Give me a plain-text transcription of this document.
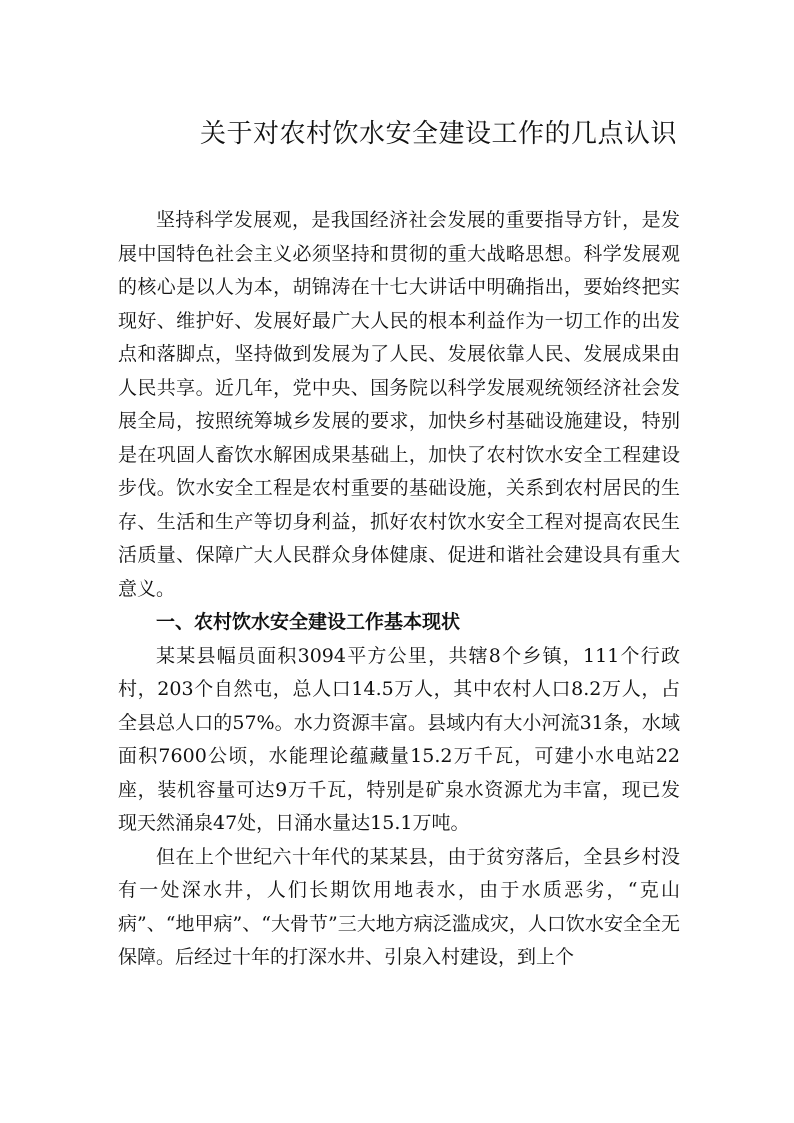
关于对农村饮水安全建设工作的几点认识

坚持科学发展观，是我国经济社会发展的重要指导方针，是发展中国特色社会主义必须坚持和贯彻的重大战略思想。科学发展观的核心是以人为本，胡锦涛在十七大讲话中明确指出，要始终把实现好、维护好、发展好最广大人民的根本利益作为一切工作的出发点和落脚点，坚持做到发展为了人民、发展依靠人民、发展成果由人民共享。近几年，党中央、国务院以科学发展观统领经济社会发展全局，按照统筹城乡发展的要求，加快乡村基础设施建设，特别是在巩固人畜饮水解困成果基础上，加快了农村饮水安全工程建设步伐。饮水安全工程是农村重要的基础设施，关系到农村居民的生存、生活和生产等切身利益，抓好农村饮水安全工程对提高农民生活质量、保障广大人民群众身体健康、促进和谐社会建设具有重大意义。

一、农村饮水安全建设工作基本现状

某某县幅员面积3094平方公里，共辖8个乡镇，111个行政村，203个自然屯，总人口14.5万人，其中农村人口8.2万人，占全县总人口的57%。水力资源丰富。县域内有大小河流31条，水域面积7600公顷，水能理论蕴藏量15.2万千瓦，可建小水电站22座，装机容量可达9万千瓦，特别是矿泉水资源尤为丰富，现已发现天然涌泉47处，日涌水量达15.1万吨。

但在上个世纪六十年代的某某县，由于贫穷落后，全县乡村没有一处深水井，人们长期饮用地表水，由于水质恶劣，“克山病”、“地甲病”、“大骨节”三大地方病泛滥成灾，人口饮水安全全无保障。后经过十年的打深水井、引泉入村建设，到上个
